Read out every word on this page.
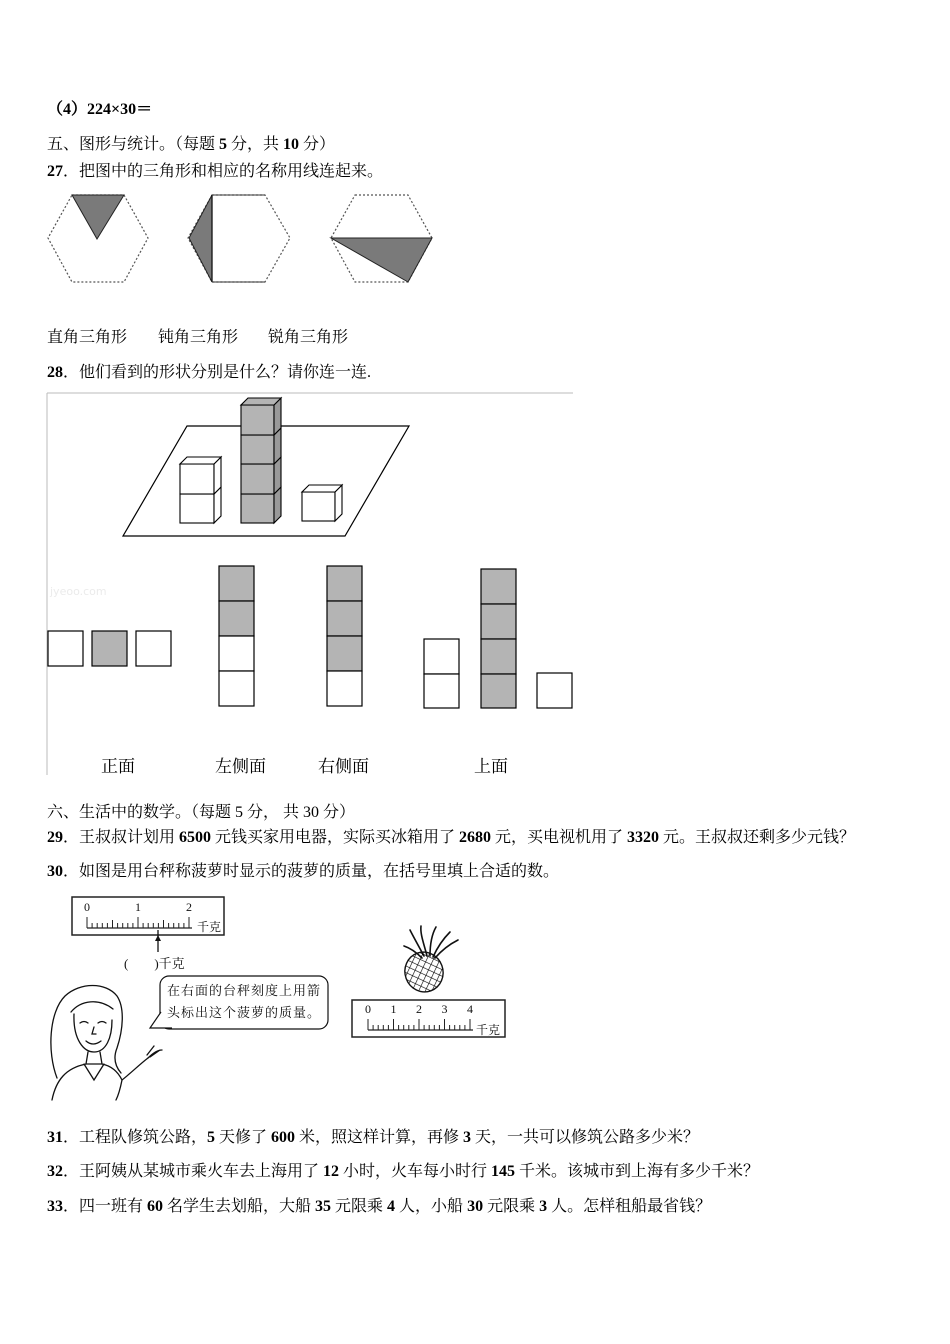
（4）224×30＝
五、图形与统计。（每题 5 分，共 10 分）
27．把图中的三角形和相应的名称用线连起来。
直角三角形 钝角三角形 锐角三角形
28．他们看到的形状分别是什么？请你连一连.
jyeoo.com
正面	左侧面	右侧面	上面
六、生活中的数学。（每题 5 分， 共 30 分）
29．王叔叔计划用 6500 元钱买家用电器，实际买冰箱用了 2680 元，买电视机用了 3320 元。王叔叔还剩多少元钱？
30．如图是用台秤称菠萝时显示的菠萝的质量，在括号里填上合适的数。
0	1	2
千克
(　　)千克
在右面的台秤刻度上用箭
头标出这个菠萝的质量。	0 1 2 3 4
千克
31．工程队修筑公路，5 天修了 600 米，照这样计算，再修 3 天，一共可以修筑公路多少米？
32．王阿姨从某城市乘火车去上海用了 12 小时，火车每小时行 145 千米。该城市到上海有多少千米？
33．四一班有 60 名学生去划船，大船 35 元限乘 4 人，小船 30 元限乘 3 人。怎样租船最省钱？
